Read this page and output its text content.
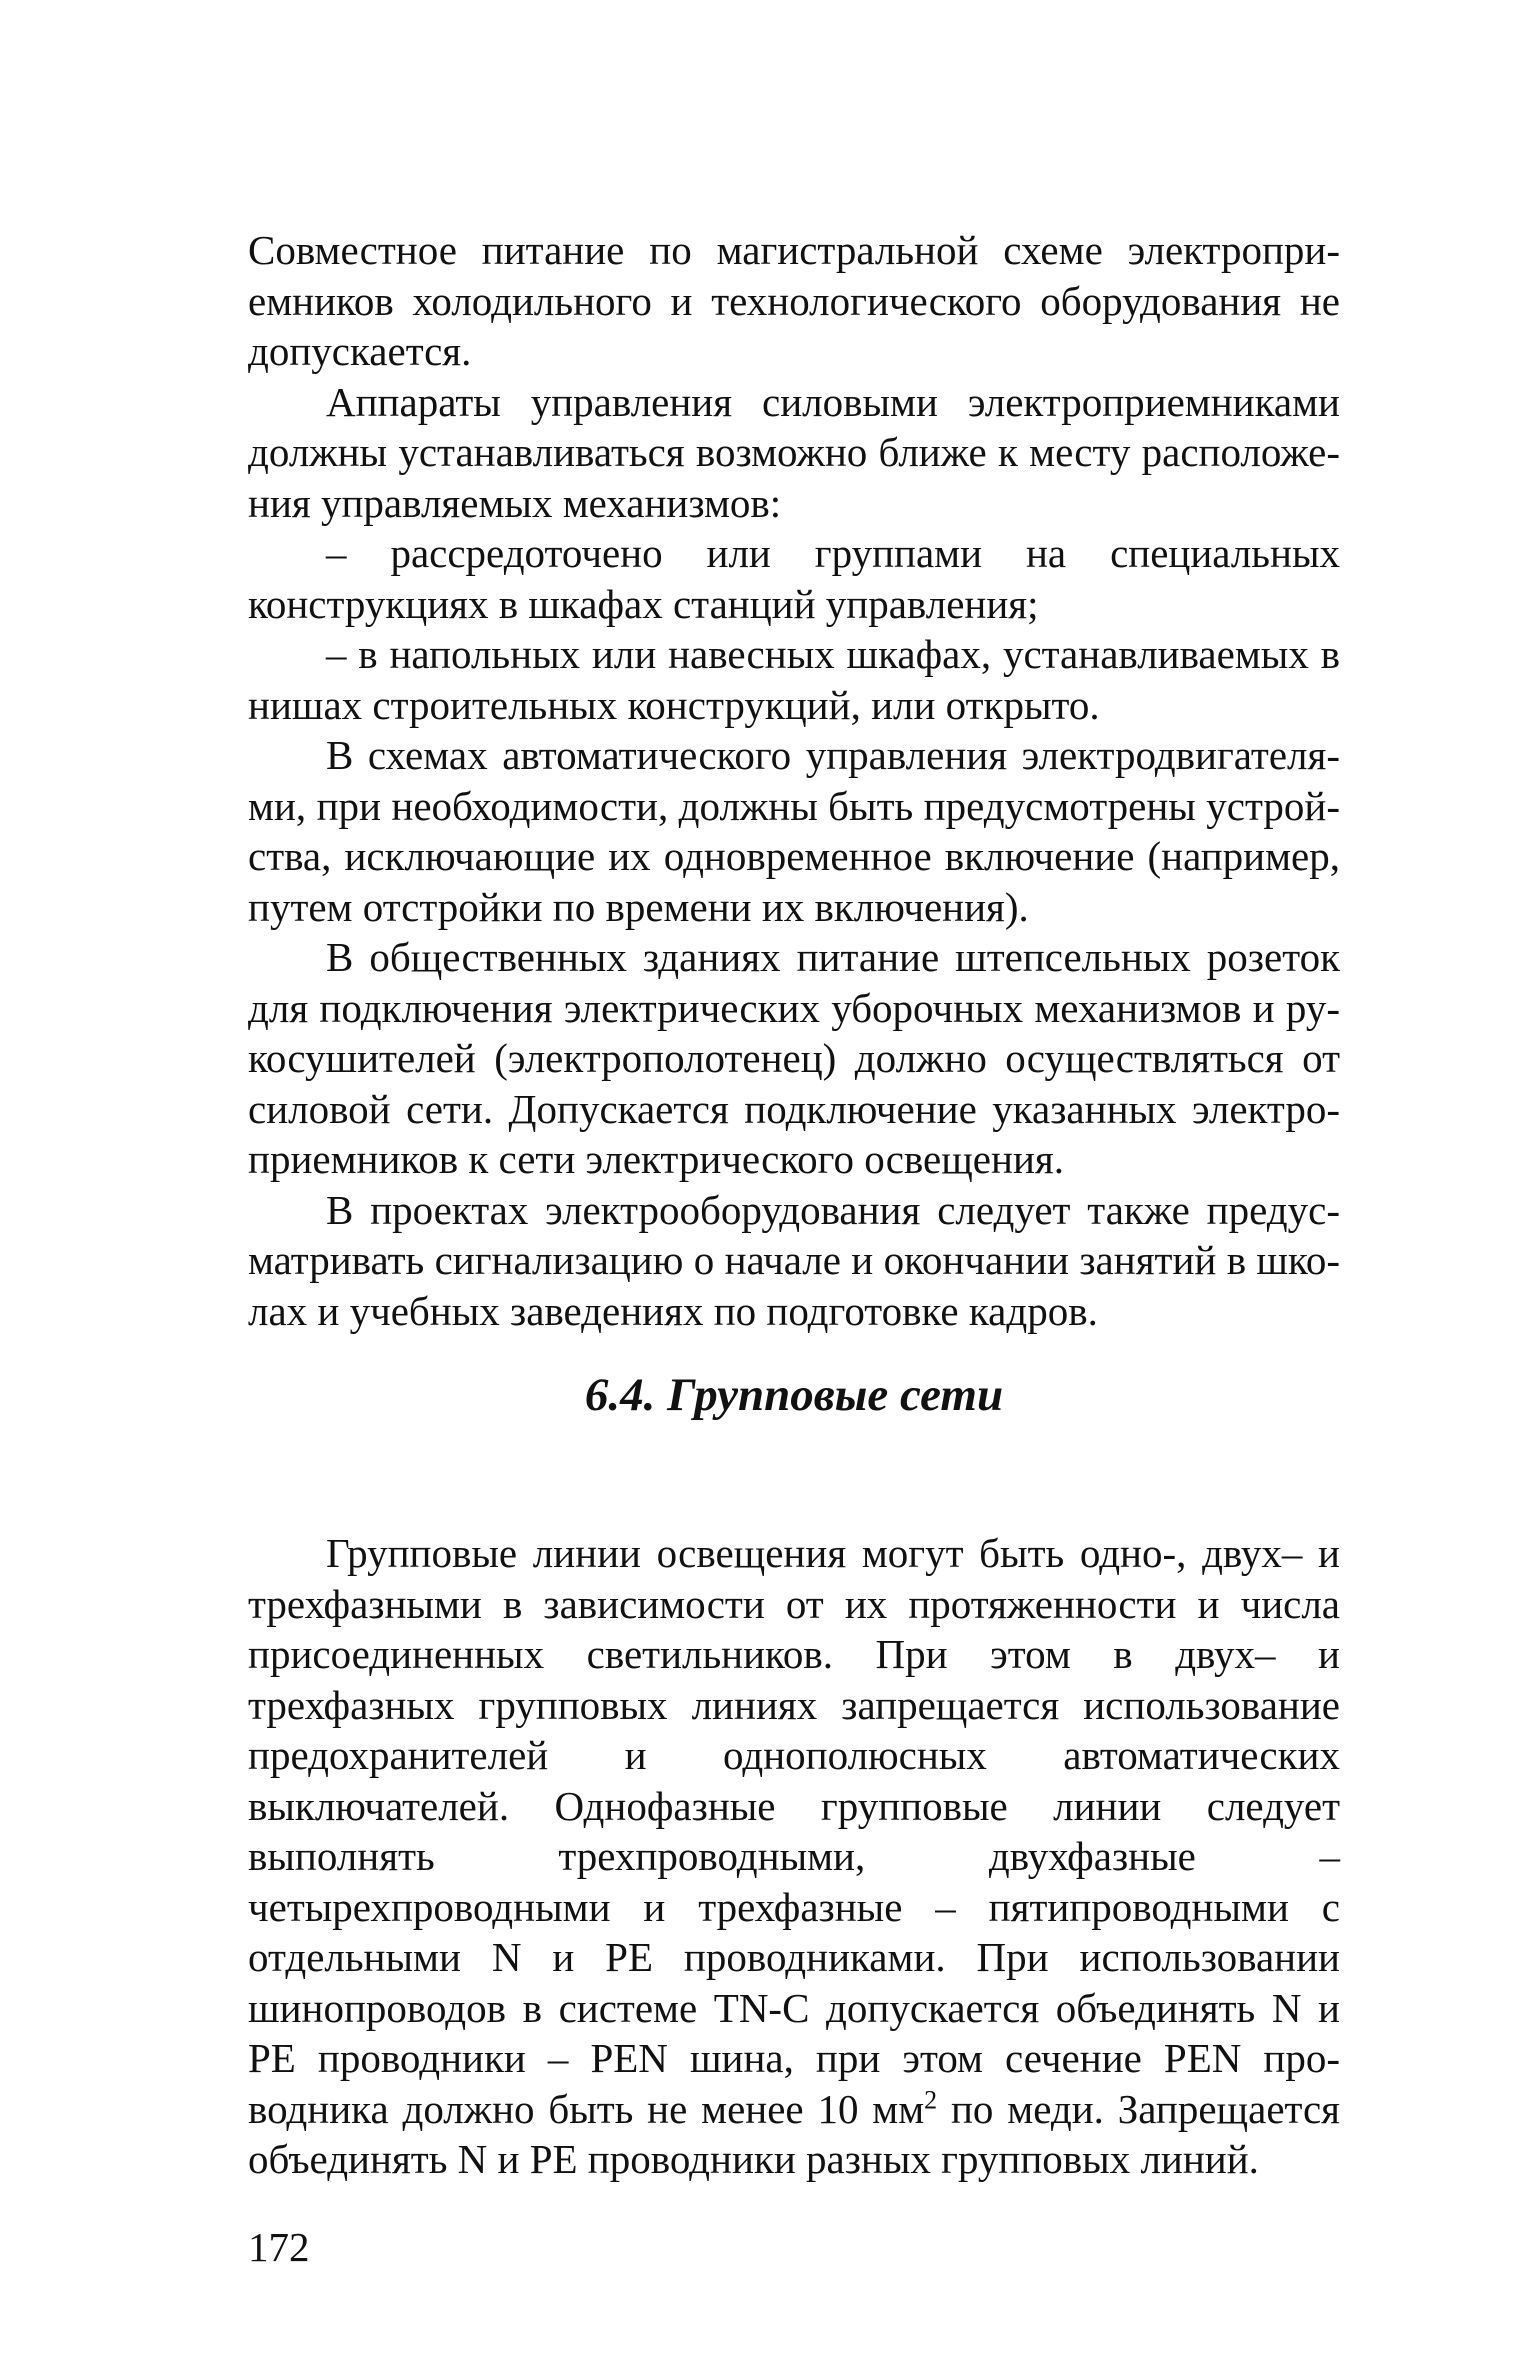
Совместное питание по магистральной схеме электроприемников холодильного и технологического оборудования не допускается.

Аппараты управления силовыми электроприемниками должны устанавливаться возможно ближе к месту расположения управляемых механизмов:

– рассредоточено или группами на специальных конструкциях в шкафах станций управления;

– в напольных или навесных шкафах, устанавливаемых в нишах строительных конструкций, или открыто.

В схемах автоматического управления электродвигателями, при необходимости, должны быть предусмотрены устройства, исключающие их одновременное включение (например, путем отстройки по времени их включения).

В общественных зданиях питание штепсельных розеток для подключения электрических уборочных механизмов и рукосушителей (электрополотенец) должно осуществляться от силовой сети. Допускается подключение указанных электроприемников к сети электрического освещения.

В проектах электрооборудования следует также предусматривать сигнализацию о начале и окончании занятий в школах и учебных заведениях по подготовке кадров.

6.4. Групповые сети

Групповые линии освещения могут быть одно-, двух– и трехфазными в зависимости от их протяженности и числа присоединенных светильников. При этом в двух– и трехфазных групповых линиях запрещается использование предохранителей и однополюсных автоматических выключателей. Однофазные групповые линии следует выполнять трехпроводными, двухфазные – четырехпроводными и трехфазные – пятипроводными с отдельными N и PE проводниками. При использовании шинопроводов в системе TN-C допускается объединять N и PE проводники – PEN шина, при этом сечение PEN проводника должно быть не менее 10 $мм^2$ по меди. Запрещается объединять N и PE проводники разных групповых линий.

172
